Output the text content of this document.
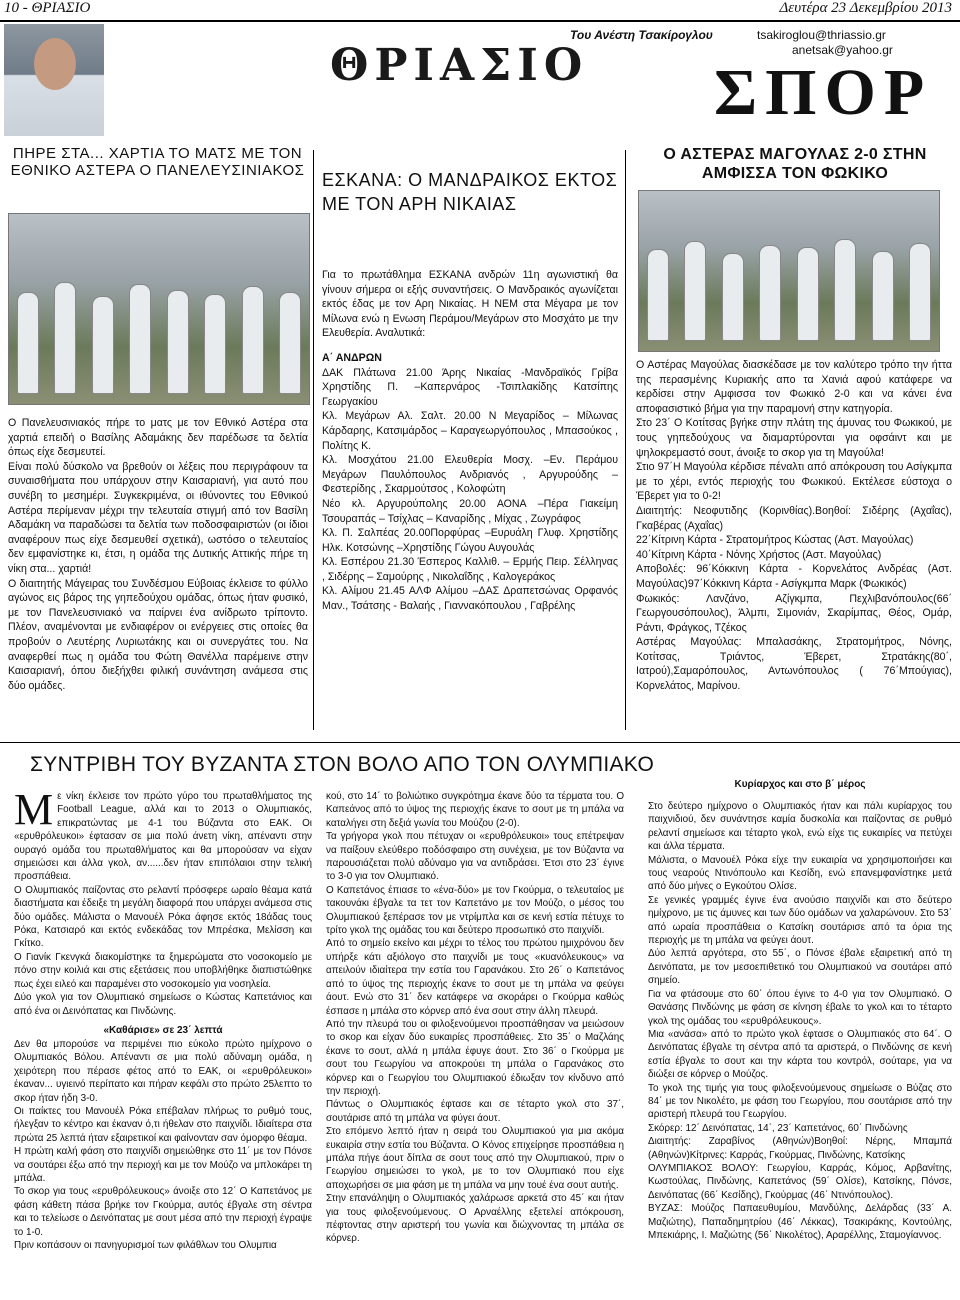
10 - ΘΡΙΑΣΙΟ	Δευτέρα 23 Δεκεμβρίου 2013
ΘΡΙΑΣΙΟ
Του Ανέστη Τσακίρογλου	tsakiroglou@thriassio.gr
anetsak@yahoo.gr
ΣΠΟΡ
ΠΗΡΕ ΣΤΑ... ΧΑΡΤΙΑ ΤΟ ΜΑΤΣ ΜΕ ΤΟΝ ΕΘΝΙΚΟ ΑΣΤΕΡΑ Ο ΠΑΝΕΛΕΥΣΙΝΙΑΚΟΣ

Ο Πανελευσινιακός πήρε το ματς με τον Εθνικό Αστέρα στα χαρτιά επειδή ο Βασίλης Αδαμάκης δεν παρέδωσε τα δελτία όπως είχε δεσμευτεί.

Είναι πολύ δύσκολο να βρεθούν οι λέξεις που περιγράφουν τα συναισθήματα που υπάρχουν στην Καισαριανή, για αυτό που συνέβη το μεσημέρι. Συγκεκριμένα, οι ιθύνοντες του Εθνικού Αστέρα περίμεναν μέχρι την τελευταία στιγμή από τον Βασίλη Αδαμάκη να παραδώσει τα δελτία των ποδοσφαιριστών (οι ίδιοι αναφέρουν πως είχε δεσμευθεί σχετικά), ωστόσο ο τελευταίος δεν εμφανίστηκε κι, έτσι, η ομάδα της Δυτικής Αττικής πήρε τη νίκη στα... χαρτιά!

Ο διαιτητής Μάγειρας του Συνδέσμου Εύβοιας έκλεισε το φύλλο αγώνος εις βάρος της γηπεδούχου ομάδας, όπως ήταν φυσικό, με τον Πανελευσινιακό να παίρνει ένα ανίδρωτο τρίποντο. Πλέον, αναμένονται με ενδιαφέρον οι ενέργειες στις οποίες θα προβούν ο Λευτέρης Λυριωτάκης και οι συνεργάτες του. Να αναφερθεί πως η ομάδα του Φώτη Θανέλλα παρέμεινε στην Καισαριανή, όπου διεξήχθει φιλική συνάντηση ανάμεσα στις δύο ομάδες.

ΕΣΚΑΝΑ: Ο ΜΑΝΔΡΑΙΚΟΣ ΕΚΤΟΣ ΜΕ ΤΟΝ ΑΡΗ ΝΙΚΑΙΑΣ

Για το πρωτάθλημα ΕΣΚΑΝΑ ανδρών 11η αγωνιστική θα γίνουν σήμερα οι εξής συναντήσεις. Ο Μανδραικός αγωνίζεται εκτός έδας με τον Αρη Νικαίας. Η ΝΕΜ στα Μέγαρα με τον Μίλωνα ενώ η Ενωση Περάμου/Μεγάρων στο Μοσχάτο με την Ελευθερία. Αναλυτικά:

Α΄ ΑΝΔΡΩΝ

ΔΑΚ Πλάτωνα 21.00 Άρης Νικαίας -Μανδραϊκός Γρίβα Χρηστίδης Π. –Καπερνάρος -Τσιπλακίδης Κατσίπης Γεωργακίου

Κλ. Μεγάρων Αλ. Σαλτ. 20.00 Ν Μεγαρίδος – Μίλωνας Κάρδαρης, Κατσιμάρδος – Καραγεωργόπουλος , Μπασούκος , Πολίτης Κ.

Κλ. Μοσχάτου 21.00 Ελευθερία Μοσχ. –Εν. Περάμου Μεγάρων Παυλόπουλος Ανδριανός , Αργυρούδης – Φεστερίδης , Σκαρμούτσος , Κολοφώτη

Νέο κλ. Αργυρούπολης 20.00 ΑΟΝΑ –Πέρα Γιακείμη Τσουραπάς – Τσίχλας – Καναρίδης , Μίχας , Ζωγράφος

Κλ. Π. Σαλπέας 20.00Πορφύρας –Ευρυάλη Γλυφ. Χρηστίδης Ηλκ. Κοτσώνης –Χρηστίδης Γώγου Αυγουλάς

Κλ. Εσπέρου 21.30 Έσπερος Καλλιθ. – Ερμής Πειρ. Σέλληνας , Σιδέρης – Σαμούρης , Νικολαΐδης , Καλογεράκος

Κλ. Αλίμου 21.45 ΑΛΦ Αλίμου –ΔΑΣ Δραπετσώνας Ορφανός Μαν., Τσάτσης - Βαλαής , Γιαννακόπουλου , Γαβρέλης

Ο ΑΣΤΕΡΑΣ ΜΑΓΟΥΛΑΣ 2-0 ΣΤΗΝ ΑΜΦΙΣΣΑ ΤΟΝ ΦΩΚΙΚΟ

Ο Αστέρας Μαγούλας διασκέδασε με τον καλύτερο τρόπο την ήττα της περασμένης Κυριακής απο τα Χανιά αφού κατάφερε να κερδίσει στην Αμφισσα τον Φωκικό 2-0 και να κάνει ένα αποφασιστικό βήμα για την παραμονή στην κατηγορία.

Στο 23΄ Ο Κοτίτσας βγήκε στην πλάτη της άμυνας του Φωκικού, με τους γηπεδούχους να διαμαρτύρονται για οφσάιντ και με ψηλοκρεμαστό σουτ, άνοιξε το σκορ για τη Μαγούλα!

Στιο 97΄Η Μαγούλα κέρδισε πέναλτι από απόκρουση του Ασίγκμπα με το χέρι, εντός περιοχής του Φωκικού. Εκτέλεσε εύστοχα ο Έβερετ για το 0-2!

Διαιτητής: Νεοφυτιδης (Κορινθίας).Βοηθοί: Σιδέρης (Αχαΐας), Γκαβέρας (Αχαΐας)

22΄Κίτρινη Κάρτα - Στρατομήτρος Κώστας (Αστ. Μαγούλας)

40΄Κίτρινη Κάρτα - Νόνης Χρήστος (Αστ. Μαγούλας)

Αποβολές: 96΄Κόκκινη Κάρτα - Κορνελάτος Ανδρέας (Αστ. Μαγούλας)97΄Κόκκινη Κάρτα - Ασίγκμπα Μαρκ (Φωκικός)

Φωκικός: Λανζάνο, Αζίγκμπα, Πεχλιβανόπουλος(66΄ Γεωργουσόπουλος), Άλμπι, Σιμονιάν, Σκαρίμπας, Θέος, Ομάρ, Ράντι, Φράγκος, Τζέκος

Αστέρας Μαγούλας: Μπαλασάκης, Στρατομήτρος, Νόνης, Κοτίτσας, Τριάντος, Έβερετ, Στρατάκης(80΄, Ιατρού),Σαμαρόπουλος, Αντωνόπουλος ( 76΄Μπούγιας), Κορνελάτος, Μαρίνου.

ΣΥΝΤΡΙΒΗ ΤΟΥ ΒΥΖΑΝΤΑ ΣΤΟΝ ΒΟΛΟ ΑΠΟ ΤΟΝ ΟΛΥΜΠΙΑΚΟ
Μ ε νίκη έκλεισε τον πρώτο γύρο του πρωταθλήματος της Football League, αλλά και το 2013 ο Ολυμπιακός, επικρατώντας με 4-1 του Βύζαντα στο ΕΑΚ. Οι «ερυθρόλευκοι» έφτασαν σε μια πολύ άνετη νίκη, απέναντι στην ουραγό ομάδα του πρωταθλήματος και θα μπορούσαν να είχαν σημειώσει και άλλα γκολ, αν......δεν ήταν επιπόλαιοι στην τελική προσπάθεια.

Ο Ολυμπιακός παίζοντας στο ρελαντί πρόσφερε ωραίο θέαμα κατά διαστήματα και έδειξε τη μεγάλη διαφορά που υπάρχει ανάμεσα στις δύο ομάδες. Μάλιστα ο Μανουέλ Ρόκα άφησε εκτός 18άδας τους Ρόκα, Κατσιαρό και εκτός ενδεκάδας τον Μπρέσκα, Μελίσση και Γκίτκο.

Ο Γιανίκ Γκενγκά διακομίστηκε τα ξημερώματα στο νοσοκομείο με πόνο στην κοιλιά και στις εξετάσεις που υποβλήθηκε διαπιστώθηκε πως έχει ειλεό και παραμένει στο νοσοκομείο για νοσηλεία.

Δύο γκολ για τον Ολυμπιακό σημείωσε ο Κώστας Καπετάνιος και από ένα οι Δεινόπατας και Πινδώνης.

«Καθάρισε» σε 23΄ λεπτά

Δεν θα μπορούσε να περιμένει πιο εύκολο πρώτο ημίχρονο ο Ολυμπιακός Βόλου. Απέναντι σε μια πολύ αδύναμη ομάδα, η χειρότερη που πέρασε φέτος από το ΕΑΚ, οι «ερυθρόλευκοι» έκαναν... υγιεινό περίπατο και πήραν κεφάλι στο πρώτο 25λεπτο το σκορ ήταν ήδη 3-0.

Οι παίκτες του Μανουέλ Ρόκα επέβαλαν πλήρως το ρυθμό τους, ήλεγξαν το κέντρο και έκαναν ό,τι ήθελαν στο παιχνίδι. Ιδιαίτερα στα πρώτα 25 λεπτά ήταν εξαιρετικοί και φαίνονταν σαν όμορφο θέαμα.

Η πρώτη καλή φάση στο παιχνίδι σημειώθηκε στο 11΄ με τον Πόνσε να σουτάρει έξω από την περιοχή και με τον Μούζο να μπλοκάρει τη μπάλα.

Το σκορ για τους «ερυθρόλευκους» άνοιξε στο 12΄ Ο Καπετάνος με φάση κάθετη πάσα βρήκε τον Γκούρμα, αυτός έβγαλε στη σέντρα και το τελείωσε ο Δεινόπατας με σουτ μέσα από την περιοχή έγραψε το 1-0.

Πριν κοπάσουν οι πανηγυρισμοί των φιλάθλων του Ολυμπια

κού, στο 14΄ το βολιώτικο συγκρότημα έκανε δύο τα τέρματα του. Ο Καπεάνος από το ύψος της περιοχής έκανε το σουτ με τη μπάλα να καταλήγει στη δεξιά γωνία του Μούζου (2-0).

Τα γρήγορα γκολ που πέτυχαν οι «ερυθρόλευκοι» τους επέτρεψαν να παίξουν ελεύθερο ποδόσφαιρο στη συνέχεια, με τον Βύζαντα να παρουσιάζεται πολύ αδύναμο για να αντιδράσει. Έτσι στο 23΄ έγινε το 3-0 για τον Ολυμπιακό.

Ο Καπετάνος έπιασε το «ένα-δύο» με τον Γκούρμα, ο τελευταίος με τακουνάκι έβγαλε τα τετ τον Καπετάνο με τον Μούζο, ο μέσος του Ολυμπιακού ξεπέρασε τον με ντρίμπλα και σε κενή εστία πέτυχε το τρίτο γκολ της ομάδας του και δεύτερο προσωπικό στο παιχνίδι.

Από το σημείο εκείνο και μέχρι το τέλος του πρώτου ημιχρόνου δεν υπήρξε κάτι αξιόλογο στο παιχνίδι με τους «κυανόλευκους» να απειλούν ιδιαίτερα την εστία του Γαρανάκου. Στο 26΄ ο Καπετάνος από το ύψος της περιοχής έκανε το σουτ με τη μπάλα να φεύγει άουτ. Ενώ στο 31΄ δεν κατάφερε να σκοράρει ο Γκούρμα καθώς έσπασε η μπάλα στο κόρνερ από ένα σουτ στην άλλη πλευρά.

Από την πλευρά του οι φιλοξενούμενοι προσπάθησαν να μειώσουν το σκορ και είχαν δύο ευκαιρίες προσπάθειες. Στο 35΄ ο Μαζλάης έκανε το σουτ, αλλά η μπάλα έφυγε άουτ. Στο 36΄ ο Γκούρμα με σουτ του Γεωργίου να αποκρούει τη μπάλα ο Γαρανάκος στο κόρνερ και ο Γεωργίου του Ολυμπιακού έδιωξαν τον κίνδυνο από την περιοχή.

Πάντως ο Ολυμπιακός έφτασε και σε τέταρτο γκολ στο 37΄, σουτάρισε από τη μπάλα να φύγει άουτ.

Στο επόμενο λεπτό ήταν η σειρά του Ολυμπιακού για μια ακόμα ευκαιρία στην εστία του Βύζαντα. Ο Κόνος επιχείρησε προσπάθεια η μπάλα πήγε άουτ δίπλα σε σουτ τους από την Ολυμπιακού, πριν ο Γεωργίου σημειώσει το γκολ, με το τον Ολυμπιακό που είχε αποχωρήσει σε μια φάση με τη μπάλα να μην τουέ ένα σουτ αυτής.

Στην επανάληψη ο Ολυμπιακός χαλάρωσε αρκετά στο 45΄ και ήταν για τους φιλοξενούμενους. Ο Αρναέλλης εξετελεί απόκρουση, πέφτοντας στην αριστερή του γωνία και διώχνοντας τη μπάλα σε κόρνερ.

Κυρίαρχος και στο β΄ μέρος

Στο δεύτερο ημίχρονο ο Ολυμπιακός ήταν και πάλι κυρίαρχος του παιχνιδιού, δεν συνάντησε καμία δυσκολία και παίζοντας σε ρυθμό ρελαντί σημείωσε και τέταρτο γκολ, ενώ είχε τις ευκαιρίες να πετύχει και άλλα τέρματα.

Μάλιστα, ο Μανουέλ Ρόκα είχε την ευκαιρία να χρησιμοποιήσει και τους νεαρούς Ντινόπουλο και Κεσίδη, ενώ επανεμφανίστηκε μετά από δύο μήνες ο Εγκούτου Ολίσε.

Σε γενικές γραμμές έγινε ένα ανούσιο παιχνίδι και στο δεύτερο ημίχρονο, με τις άμυνες και των δύο ομάδων να χαλαρώνουν. Στο 53΄ από ωραία προσπάθεια ο Κατσίκη σουτάρισε από τα όρια της περιοχής με τη μπάλα να φεύγει άουτ.

Δύο λεπτά αργότερα, στο 55΄, ο Πόνσε έβαλε εξαιρετική από τη Δεινόπατα, με τον μεσοεπιθετικό του Ολυμπιακού να σουτάρει από σημείο.

Για να φτάσουμε στο 60΄ όπου έγινε το 4-0 για τον Ολυμπιακό. Ο Θανάσης Πινδώνης με φάση σε κίνηση έβαλε το γκολ και το τέταρτο γκολ της ομάδας του «ερυθρόλευκους».

Μια «ανάσα» από το πρώτο γκολ έφτασε ο Ολυμπιακός στο 64΄. Ο Δεινόπατας έβγαλε τη σέντρα από τα αριστερά, ο Πινδώνης σε κενή εστία έβγαλε το σουτ και την κάρτα του κοντρόλ, σούταρε, για να διώξει σε κόρνερ ο Μούζος.

Το γκολ της τιμής για τους φιλοξενούμενους σημείωσε ο Βύζας στο 84΄ με τον Νικολέτο, με φάση του Γεωργίου, που σουτάρισε από την αριστερή πλευρά του Γεωργίου.

Σκόρερ: 12΄ Δεινόπατας, 14΄, 23΄ Καπετάνος, 60΄ Πινδώνης

Διαιτητής: Ζαραβίνος (Αθηνών)Βοηθοί: Νέρης, Μπαμπά (Αθηνών)Κίτρινες: Καρράς, Γκούρμας, Πινδώνης, Κατσίκης

ΟΛΥΜΠΙΑΚΟΣ ΒΟΛΟΥ: Γεωργίου, Καρράς, Κόμος, Αρβανίτης, Κωστούλας, Πινδώνης, Καπετάνος (59΄ Ολίσε), Κατσίκης, Πόνσε, Δεινόπατας (66΄ Κεσίδης), Γκούρμας (46΄ Ντινόπουλος).

ΒΥΖΑΣ: Μούζος Παπαευθυμίου, Μανδύλης, Δελάρδας (33΄ Α. Μαζιώτης), Παπαδημητρίου (46΄ Λέκκας), Τσακιράκης, Κοντούλης, Μπεκιάρης, Ι. Μαζιώτης (56΄ Νικολέτος), Αραρέλλης, Σταμογίαννος.
